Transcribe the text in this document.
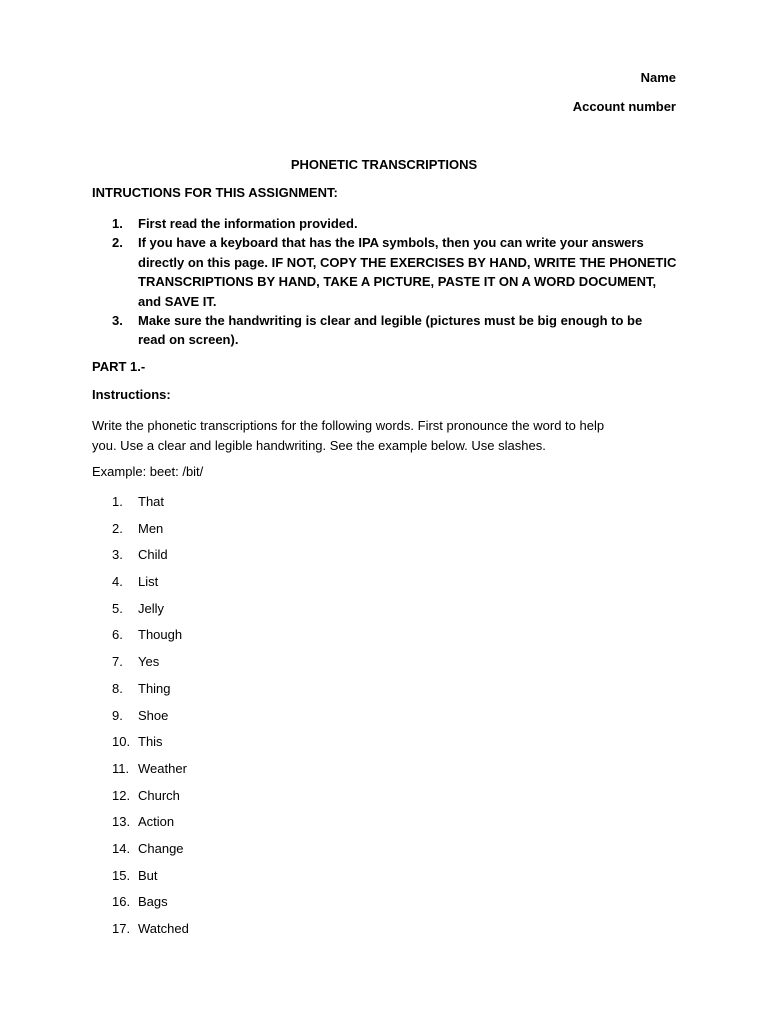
Name
Account number
PHONETIC TRANSCRIPTIONS
INTRUCTIONS FOR THIS ASSIGNMENT:
1. First read the information provided.
2. If you have a keyboard that has the IPA symbols, then you can write your answers
directly on this page. IF NOT, COPY THE EXERCISES BY HAND, WRITE THE PHONETIC
TRANSCRIPTIONS BY HAND, TAKE A PICTURE, PASTE IT ON A WORD DOCUMENT,
and SAVE IT.
3. Make sure the handwriting is clear and legible (pictures must be big enough to be
read on screen).
PART 1.-
Instructions:
Write the phonetic transcriptions for the following words. First pronounce the word to help
you. Use a clear and legible handwriting. See the example below. Use slashes.
Example: beet: /bit/
1. That
2. Men
3. Child
4. List
5. Jelly
6. Though
7. Yes
8. Thing
9. Shoe
10. This
11. Weather
12. Church
13. Action
14. Change
15. But
16. Bags
17. Watched
